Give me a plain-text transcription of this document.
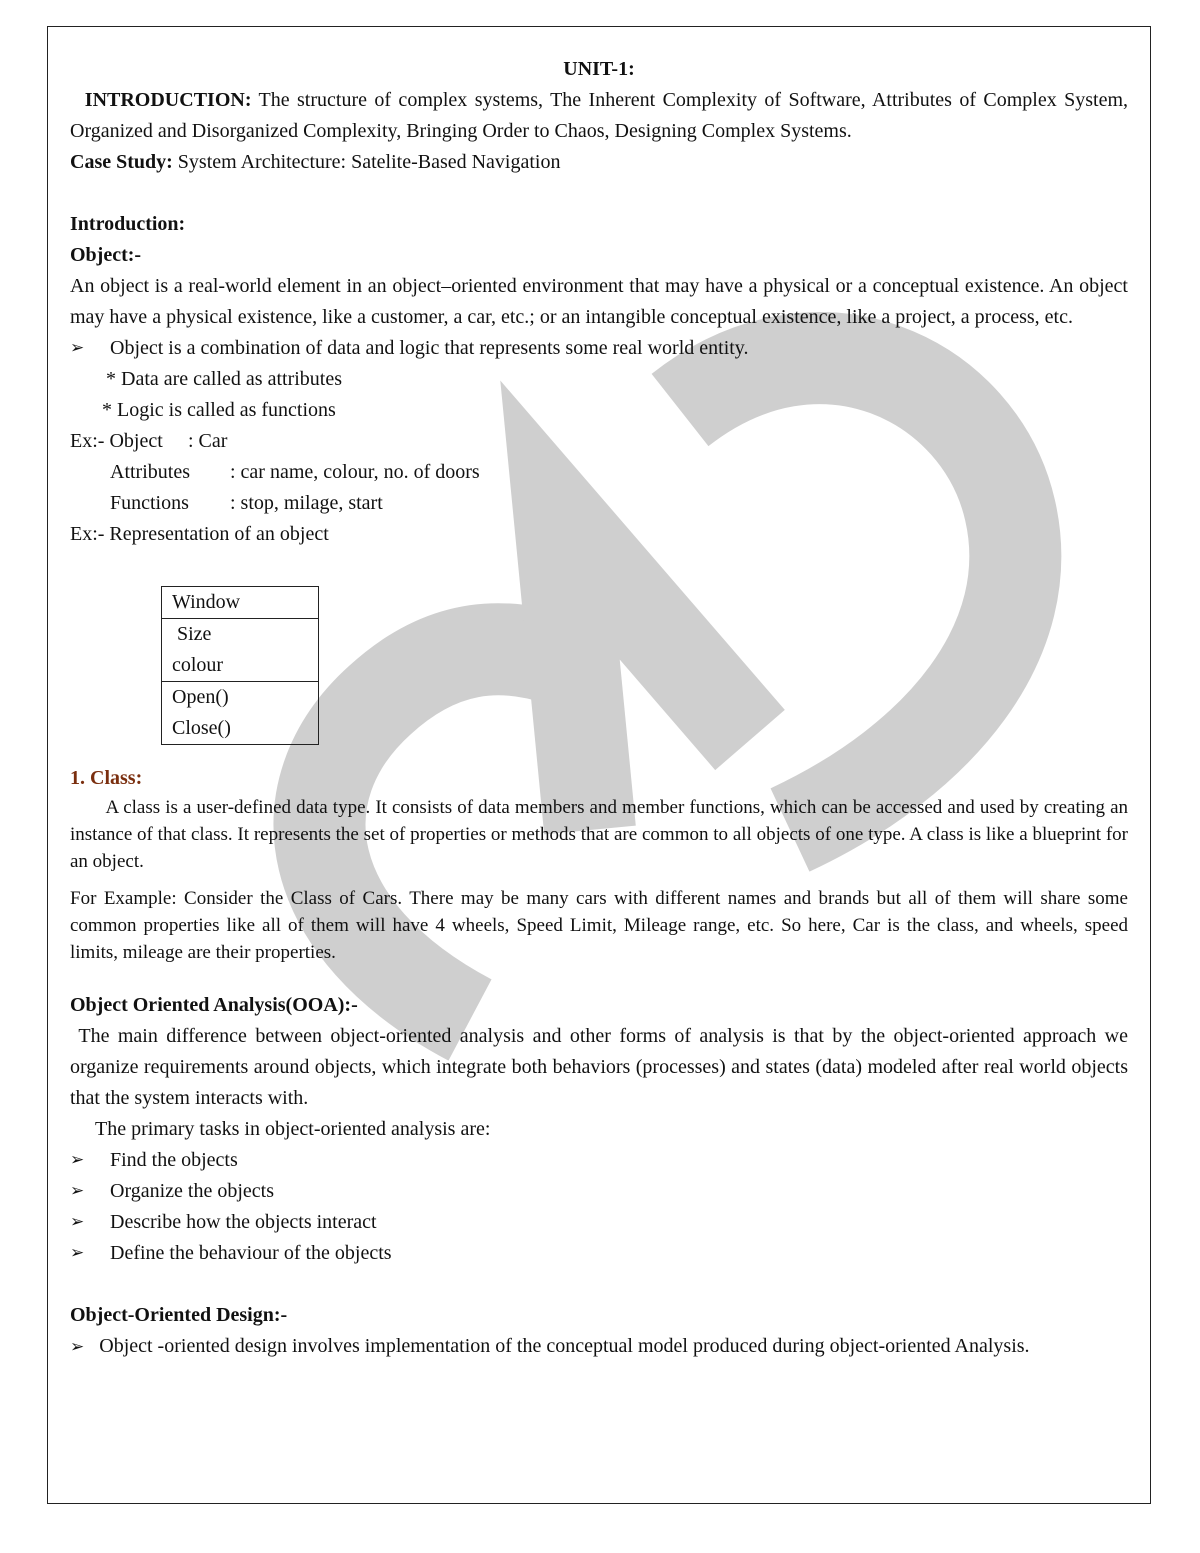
UNIT-1:
INTRODUCTION: The structure of complex systems, The Inherent Complexity of Software, Attributes of Complex System, Organized and Disorganized Complexity, Bringing Order to Chaos, Designing Complex Systems.
Case Study: System Architecture: Satelite-Based Navigation
Introduction:
Object:-
An object is a real-world element in an object–oriented environment that may have a physical or a conceptual existence. An object may have a physical existence, like a customer, a car, etc.; or an intangible conceptual existence, like a project, a process, etc.
➢	Object is a combination of data and logic that represents some real world entity.
* Data are called as attributes
* Logic is called as functions
Ex:- Object	: Car
Attributes	: car name, colour, no. of doors
Functions	: stop, milage, start
Ex:- Representation of an object
Window

Size
colour

Open()
Close()
1. Class:
A class is a user-defined data type. It consists of data members and member functions, which can be accessed and used by creating an instance of that class. It represents the set of properties or methods that are common to all objects of one type. A class is like a blueprint for an object.
For Example: Consider the Class of Cars. There may be many cars with different names and brands but all of them will share some common properties like all of them will have 4 wheels, Speed Limit, Mileage range, etc. So here, Car is the class, and wheels, speed limits, mileage are their properties.
Object Oriented Analysis(OOA):-
The main difference between object-oriented analysis and other forms of analysis is that by the object-oriented approach we organize requirements around objects, which integrate both behaviors (processes) and states (data) modeled after real world objects that the system interacts with.
The primary tasks in object-oriented analysis are:
➢	Find the objects
➢	Organize the objects
➢	Describe how the objects interact
➢	Define the behaviour of the objects
Object-Oriented Design:-
➢ Object -oriented design involves implementation of the conceptual model produced during object-oriented Analysis.
